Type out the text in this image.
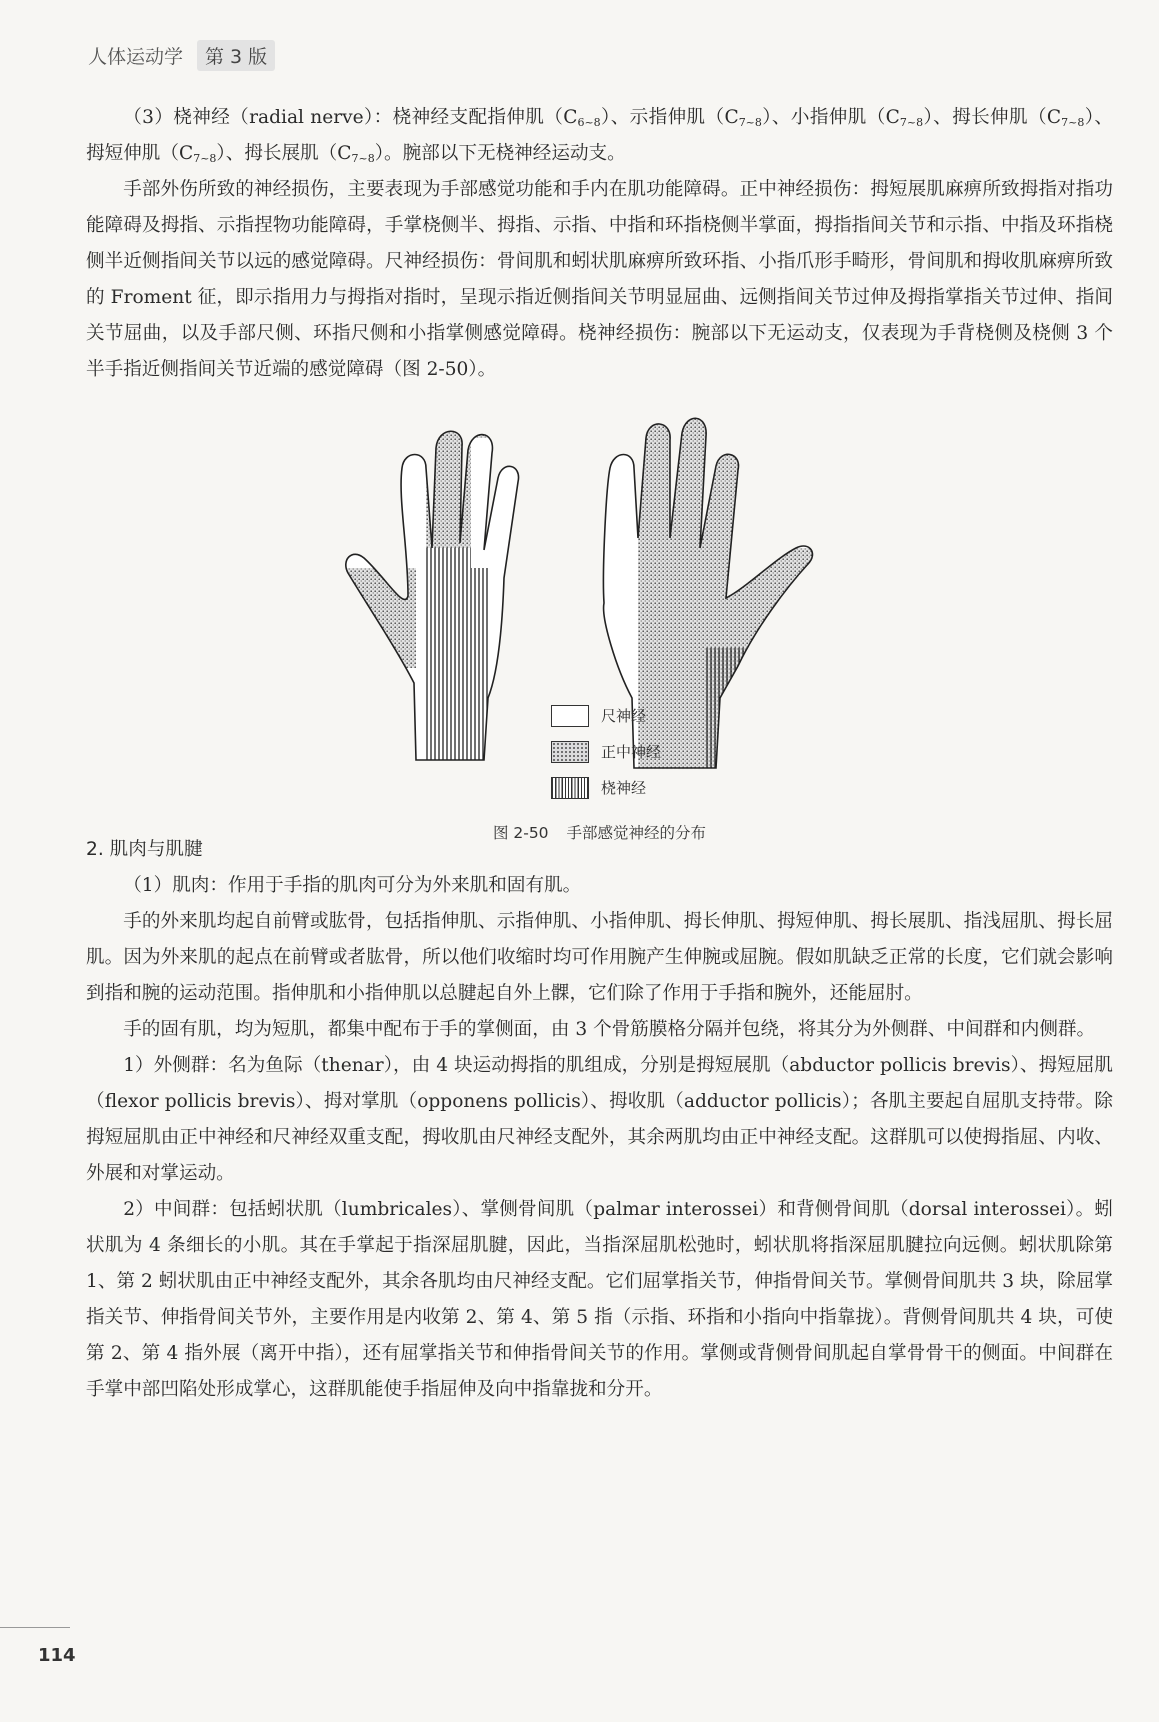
人体运动学	第 3 版

（3）桡神经（radial nerve）：桡神经支配指伸肌$(C_{6\sim 8})$、示指伸肌$(C_{7\sim 8})$、小指伸肌$(C_{7\sim 8})$、拇长伸肌$(C_{7\sim 8})$、拇短伸肌$(C_{7\sim 8})$、拇长展肌$(C_{7\sim 8})$。腕部以下无桡神经运动支。

手部外伤所致的神经损伤，主要表现为手部感觉功能和手内在肌功能障碍。正中神经损伤：拇短展肌麻痹所致拇指对指功能障碍及拇指、示指捏物功能障碍，手掌桡侧半、拇指、示指、中指和环指桡侧半掌面，拇指指间关节和示指、中指及环指桡侧半近侧指间关节以远的感觉障碍。尺神经损伤：骨间肌和蚓状肌麻痹所致环指、小指爪形手畸形，骨间肌和拇收肌麻痹所致的 Froment 征，即示指用力与拇指对指时，呈现示指近侧指间关节明显屈曲、远侧指间关节过伸及拇指掌指关节过伸、指间关节屈曲，以及手部尺侧、环指尺侧和小指掌侧感觉障碍。桡神经损伤：腕部以下无运动支，仅表现为手背桡侧及桡侧 3 个半手指近侧指间关节近端的感觉障碍（图 2-50）。

尺神经
正中神经
桡神经
图 2-50 手部感觉神经的分布

2. 肌肉与肌腱

（1）肌肉：作用于手指的肌肉可分为外来肌和固有肌。

手的外来肌均起自前臂或肱骨，包括指伸肌、示指伸肌、小指伸肌、拇长伸肌、拇短伸肌、拇长展肌、指浅屈肌、拇长屈肌。因为外来肌的起点在前臂或者肱骨，所以他们收缩时均可作用腕产生伸腕或屈腕。假如肌缺乏正常的长度，它们就会影响到指和腕的运动范围。指伸肌和小指伸肌以总腱起自外上髁，它们除了作用于手指和腕外，还能屈肘。

手的固有肌，均为短肌，都集中配布于手的掌侧面，由 3 个骨筋膜格分隔并包绕，将其分为外侧群、中间群和内侧群。

1）外侧群：名为鱼际（thenar），由 4 块运动拇指的肌组成，分别是拇短展肌（abductor pollicis brevis）、拇短屈肌（flexor pollicis brevis）、拇对掌肌（opponens pollicis）、拇收肌（adductor pollicis）；各肌主要起自屈肌支持带。除拇短屈肌由正中神经和尺神经双重支配，拇收肌由尺神经支配外，其余两肌均由正中神经支配。这群肌可以使拇指屈、内收、外展和对掌运动。

2）中间群：包括蚓状肌（lumbricales）、掌侧骨间肌（palmar interossei）和背侧骨间肌（dorsal interossei）。蚓状肌为 4 条细长的小肌。其在手掌起于指深屈肌腱，因此，当指深屈肌松弛时，蚓状肌将指深屈肌腱拉向远侧。蚓状肌除第 1、第 2 蚓状肌由正中神经支配外，其余各肌均由尺神经支配。它们屈掌指关节，伸指骨间关节。掌侧骨间肌共 3 块，除屈掌指关节、伸指骨间关节外，主要作用是内收第 2、第 4、第 5 指（示指、环指和小指向中指靠拢）。背侧骨间肌共 4 块，可使第 2、第 4 指外展（离开中指），还有屈掌指关节和伸指骨间关节的作用。掌侧或背侧骨间肌起自掌骨骨干的侧面。中间群在手掌中部凹陷处形成掌心，这群肌能使手指屈伸及向中指靠拢和分开。

114
